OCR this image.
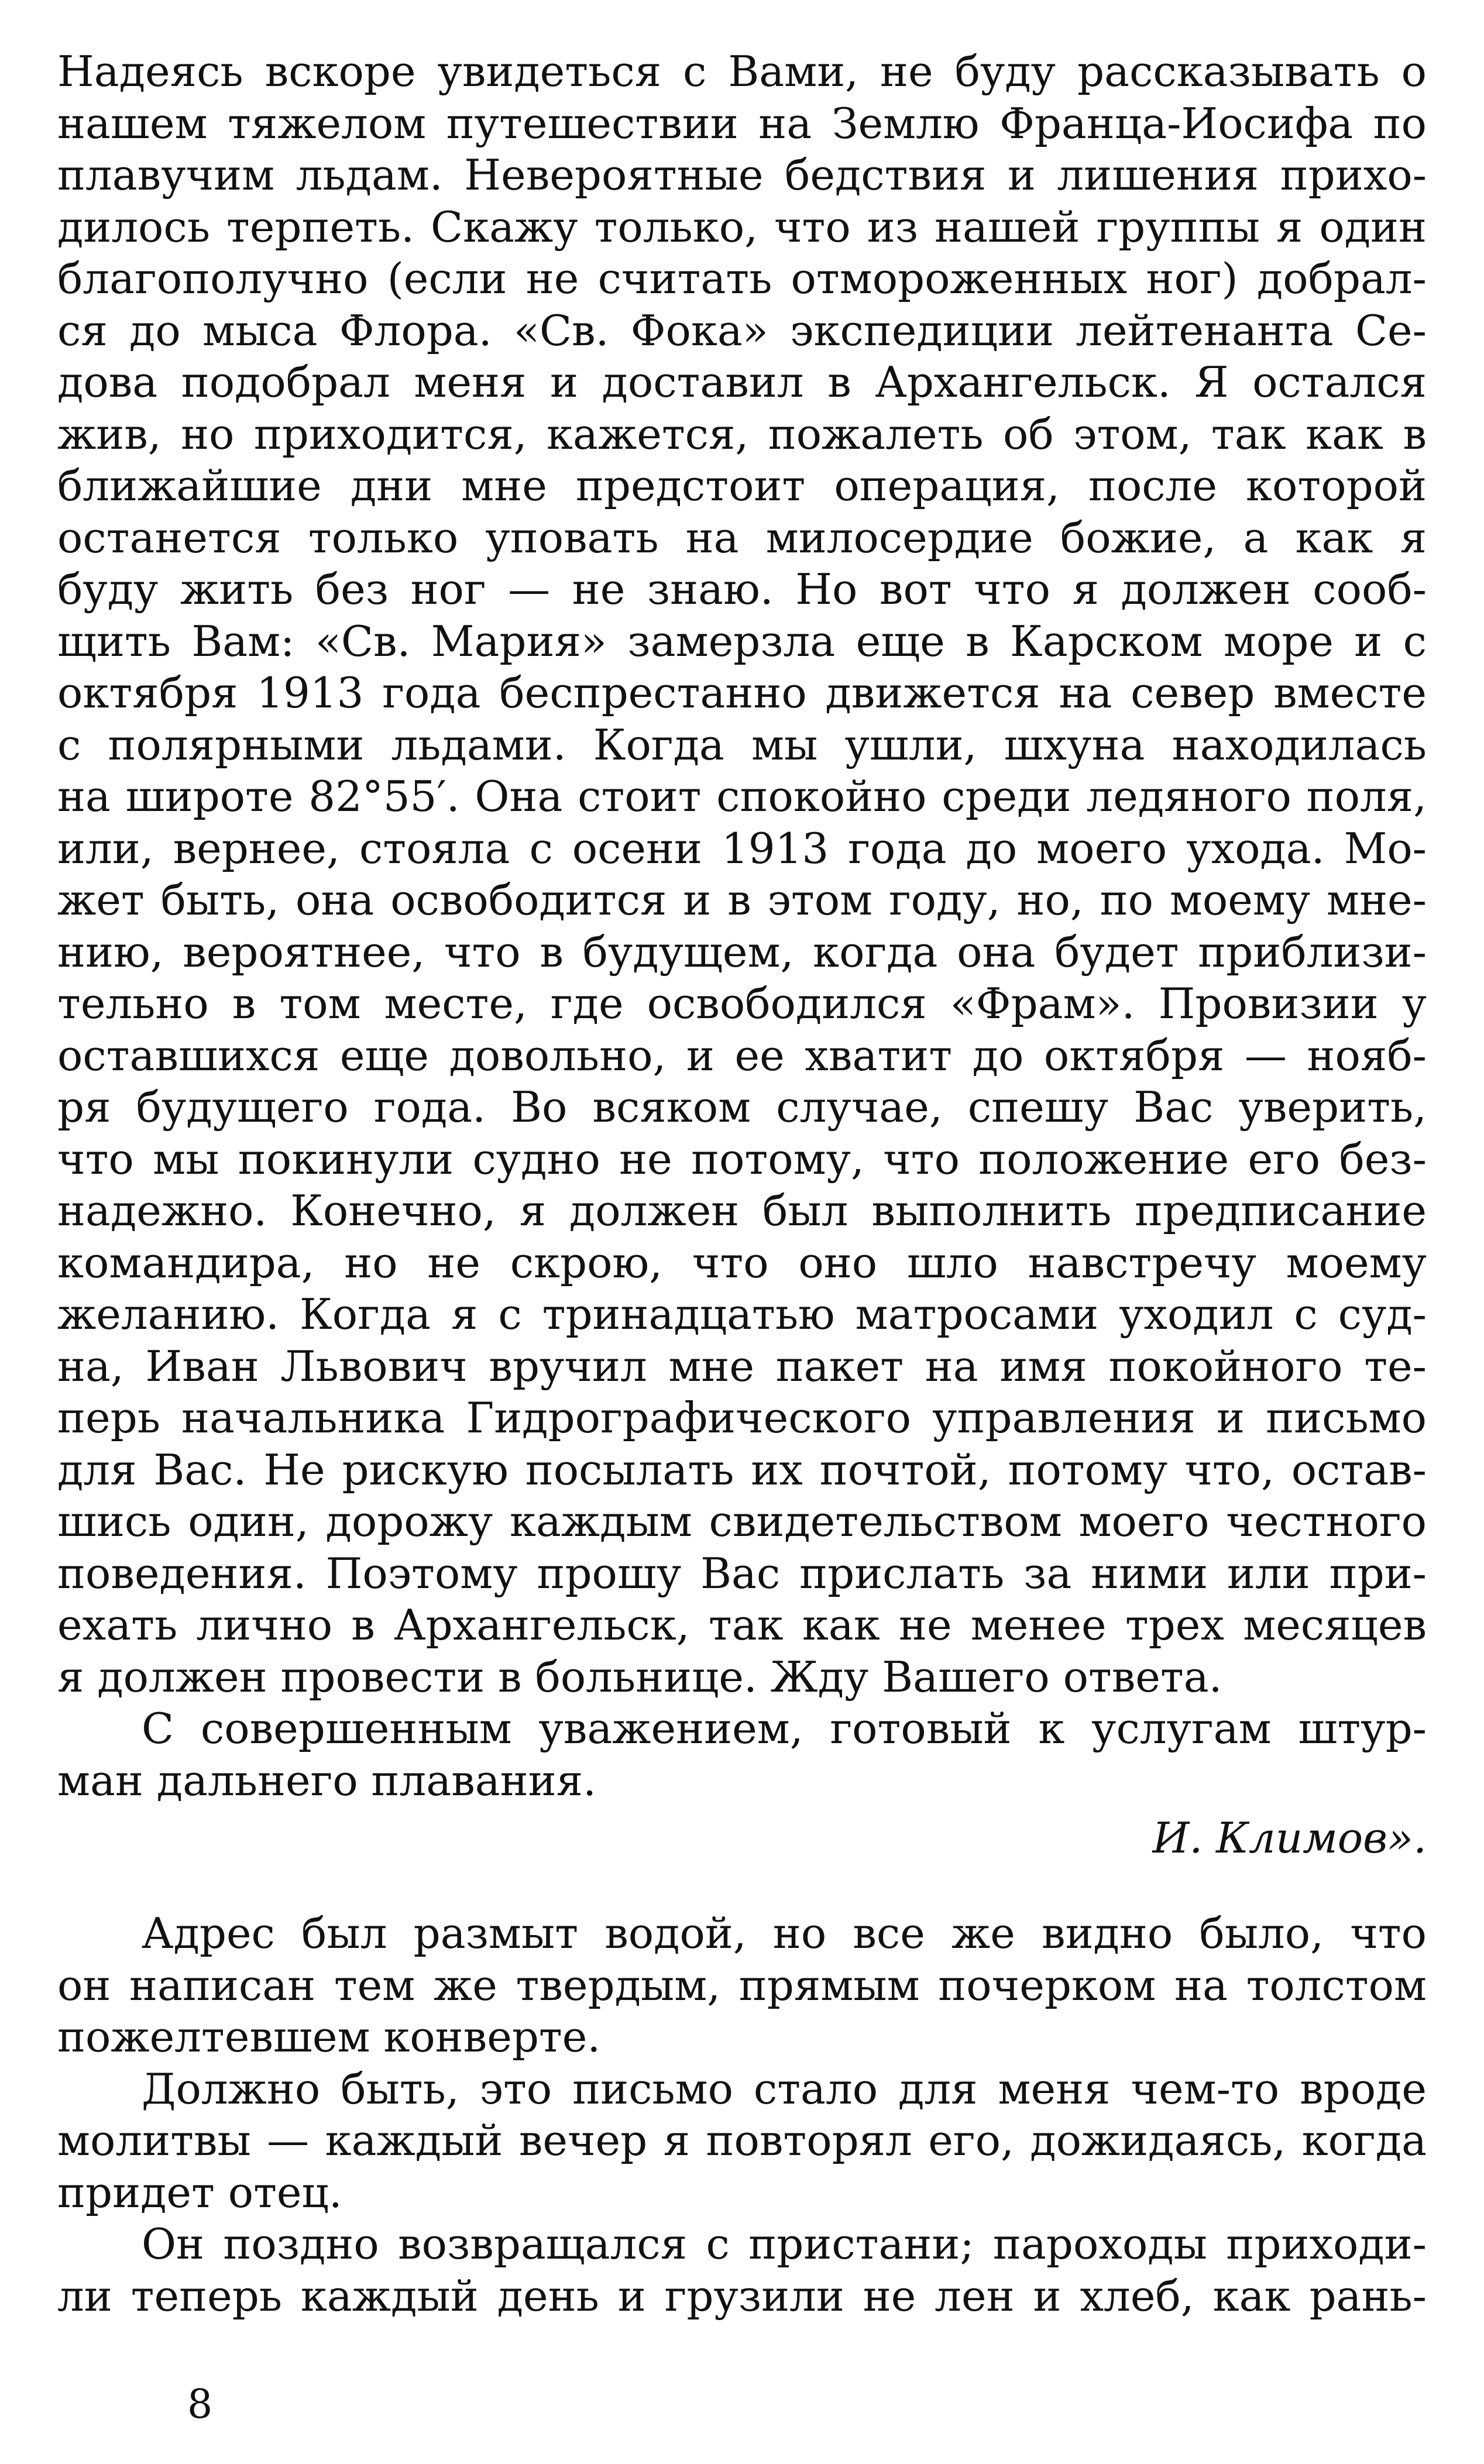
Надеясь вскоре увидеться с Вами, не буду рассказывать о
нашем тяжелом путешествии на Землю Франца-Иосифа по
плавучим льдам. Невероятные бедствия и лишения прихо-
дилось терпеть. Скажу только, что из нашей группы я один
благополучно (если не считать отмороженных ног) добрал-
ся до мыса Флора. «Св. Фока» экспедиции лейтенанта Се-
дова подобрал меня и доставил в Архангельск. Я остался
жив, но приходится, кажется, пожалеть об этом, так как в
ближайшие дни мне предстоит операция, после которой
останется только уповать на милосердие божие, а как я
буду жить без ног — не знаю. Но вот что я должен сооб-
щить Вам: «Св. Мария» замерзла еще в Карском море и с
октября 1913 года беспрестанно движется на север вместе
с полярными льдами. Когда мы ушли, шхуна находилась
на широте 82°55′. Она стоит спокойно среди ледяного поля,
или, вернее, стояла с осени 1913 года до моего ухода. Мо-
жет быть, она освободится и в этом году, но, по моему мне-
нию, вероятнее, что в будущем, когда она будет приблизи-
тельно в том месте, где освободился «Фрам». Провизии у
оставшихся еще довольно, и ее хватит до октября — нояб-
ря будущего года. Во всяком случае, спешу Вас уверить,
что мы покинули судно не потому, что положение его без-
надежно. Конечно, я должен был выполнить предписание
командира, но не скрою, что оно шло навстречу моему
желанию. Когда я с тринадцатью матросами уходил с суд-
на, Иван Львович вручил мне пакет на имя покойного те-
перь начальника Гидрографического управления и письмо
для Вас. Не рискую посылать их почтой, потому что, остав-
шись один, дорожу каждым свидетельством моего честного
поведения. Поэтому прошу Вас прислать за ними или при-
ехать лично в Архангельск, так как не менее трех месяцев
я должен провести в больнице. Жду Вашего ответа.
С совершенным уважением, готовый к услугам штур-
ман дальнего плавания.
И. Климов».
Адрес был размыт водой, но все же видно было, что
он написан тем же твердым, прямым почерком на толстом
пожелтевшем конверте.
Должно быть, это письмо стало для меня чем-то вроде
молитвы — каждый вечер я повторял его, дожидаясь, когда
придет отец.
Он поздно возвращался с пристани; пароходы приходи-
ли теперь каждый день и грузили не лен и хлеб, как рань-
8
